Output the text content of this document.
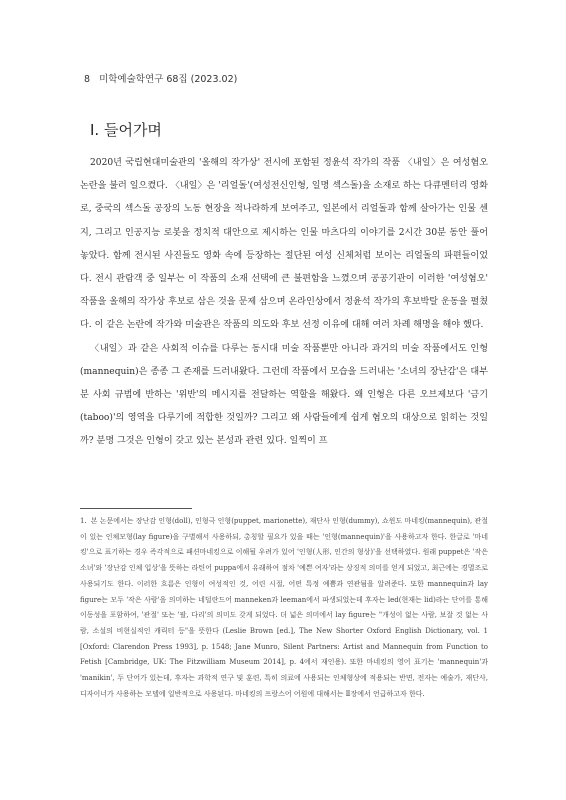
8 미학예술학연구 68집 (2023.02)
Ⅰ. 들어가며

2020년 국립현대미술관의 '올해의 작가상' 전시에 포함된 정윤석 작가의 작품 〈내일〉은 여성혐오 논란을 불러 일으켰다. 〈내일〉은 '리얼돌'(여성전신인형, 일명 섹스돌)을 소재로 하는 다큐멘터리 영화로, 중국의 섹스돌 공장의 노동 현장을 적나라하게 보여주고, 일본에서 리얼돌과 함께 살아가는 인물 센지, 그리고 인공지능 로봇을 정치적 대안으로 제시하는 인물 마츠다의 이야기를 2시간 30분 동안 풀어놓았다. 함께 전시된 사진들도 영화 속에 등장하는 절단된 여성 신체처럼 보이는 리얼돌의 파편들이었다. 전시 관람객 중 일부는 이 작품의 소재 선택에 큰 불편함을 느꼈으며 공공기관이 이러한 '여성혐오' 작품을 올해의 작가상 후보로 삼은 것을 문제 삼으며 온라인상에서 정윤석 작가의 후보박탈 운동을 펼쳤다. 이 같은 논란에 작가와 미술관은 작품의 의도와 후보 선정 이유에 대해 여러 차례 해명을 해야 했다.

〈내일〉과 같은 사회적 이슈를 다루는 동시대 미술 작품뿐만 아니라 과거의 미술 작품에서도 인형(mannequin)은 종종 그 존재를 드러내왔다. 그런데 작품에서 모습을 드러내는 '소녀의 장난감'은 대부분 사회 규범에 반하는 '위반'의 메시지를 전달하는 역할을 해왔다. 왜 인형은 다른 오브제보다 '금기(taboo)'의 영역을 다루기에 적합한 것일까? 그리고 왜 사람들에게 쉽게 혐오의 대상으로 읽히는 것일까? 분명 그것은 인형이 갖고 있는 본성과 관련 있다. 일찍이 프

1. 본 논문에서는 장난감 인형(doll), 인형극 인형(puppet, marionette), 재단사 인형(dummy), 쇼윈도 마네킹(mannequin), 관절이 있는 인체모형(lay figure)을 구별해서 사용하되, 총칭할 필요가 있을 때는 '인형(mannequin)'을 사용하고자 한다. 한글로 '마네킹'으로 표기하는 경우 즉각적으로 패션마네킹으로 이해될 우려가 있어 '인형(人形, 인간의 형상)'을 선택하였다. 원래 puppet은 '작은 소녀'와 '장난감 인체 입상'을 뜻하는 라틴어 puppa에서 유래하여 점차 '예쁜 여자'라는 상징적 의미를 얻게 되었고, 최근에는 경멸조로 사용되기도 한다. 이러한 흐름은 인형이 여성적인 것, 어린 시절, 어떤 특정 예쁨과 연관됨을 알려준다. 또한 mannequin과 lay figure는 모두 '작은 사람'을 의미하는 네덜란드어 manneken과 leeman에서 파생되었는데 후자는 led(현재는 lid)라는 단어를 통해 이동성을 포함하여, '관절' 또는 '팔, 다리'의 의미도 갖게 되었다. 더 넓은 의미에서 lay figure는 "개성이 없는 사람, 보잘 것 없는 사람, 소설의 비현실적인 캐릭터 등"을 뜻한다 (Leslie Brown [ed.], The New Shorter Oxford English Dictionary, vol. 1 [Oxford: Clarendon Press 1993], p. 1548; Jane Munro, Silent Partners: Artist and Mannequin from Function to Fetish [Cambridge, UK: The Fitzwilliam Museum 2014], p. 4에서 재인용). 또한 마네킹의 영어 표기는 'mannequin'과 'manikin', 두 단어가 있는데, 후자는 과학적 연구 및 훈련, 특히 의료에 사용되는 인체형상에 적용되는 반면, 전자는 예술가, 재단사, 디자이너가 사용하는 모델에 일반적으로 사용된다. 마네킹의 프랑스어 어원에 대해서는 Ⅱ장에서 언급하고자 한다.
